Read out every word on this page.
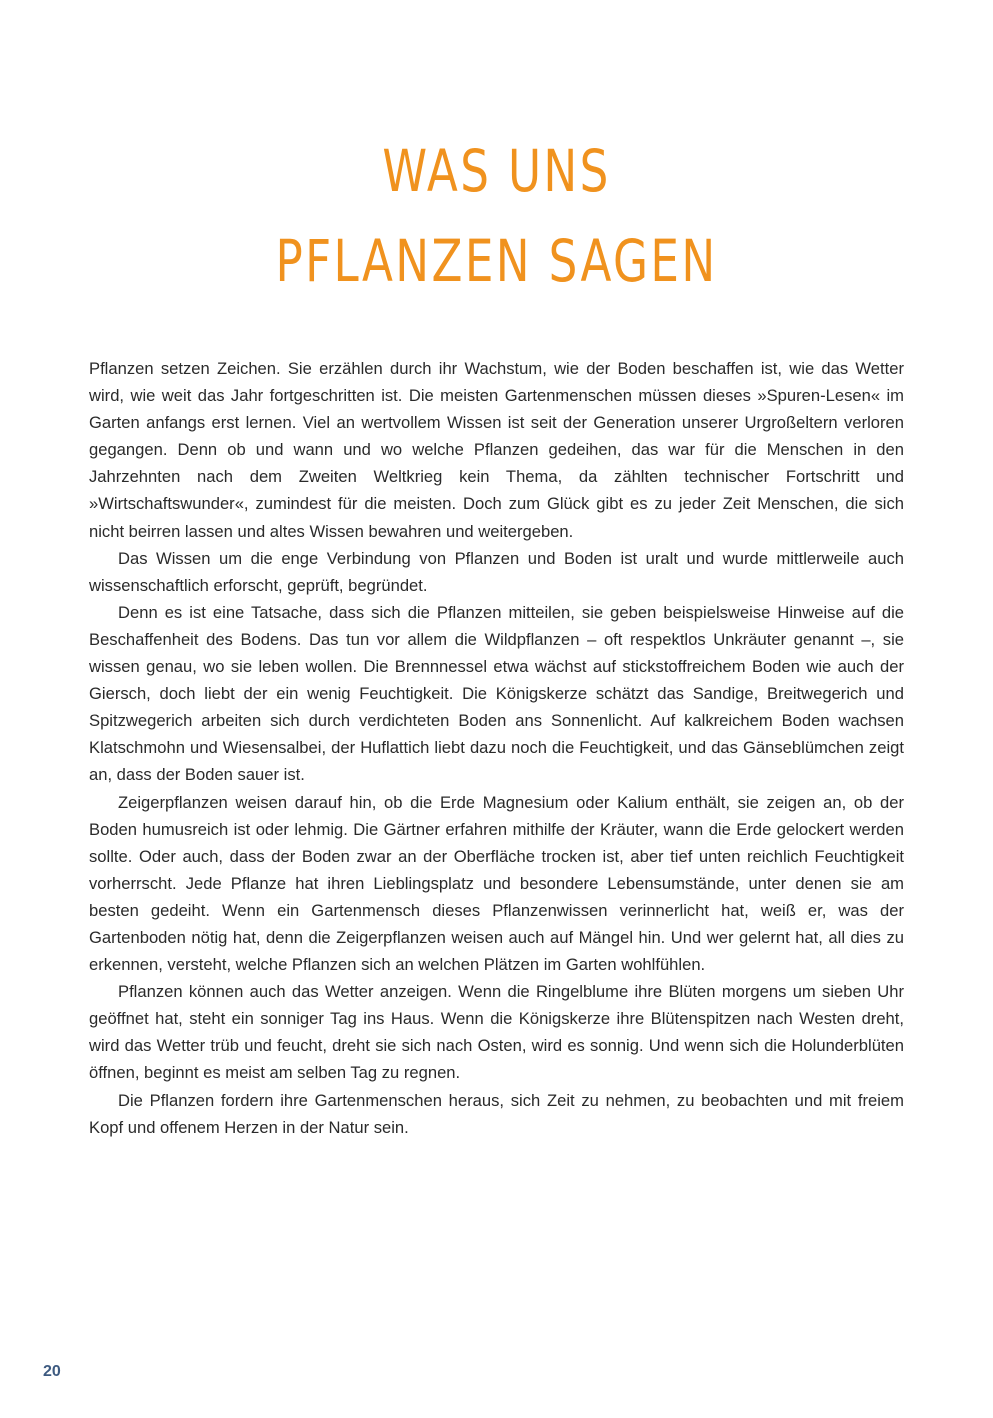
WAS UNS
PFLANZEN SAGEN

Pflanzen setzen Zeichen. Sie erzählen durch ihr Wachstum, wie der Boden beschaffen ist, wie das Wetter wird, wie weit das Jahr fortgeschritten ist. Die meisten Gartenmenschen müssen dieses »Spuren-Lesen« im Garten anfangs erst lernen. Viel an wertvollem Wissen ist seit der Generation unserer Urgroßeltern verloren gegangen. Denn ob und wann und wo welche Pflanzen gedeihen, das war für die Menschen in den Jahrzehnten nach dem Zweiten Weltkrieg kein Thema, da zählten technischer Fortschritt und »Wirtschaftswunder«, zumindest für die meisten. Doch zum Glück gibt es zu jeder Zeit Menschen, die sich nicht beirren lassen und altes Wissen bewahren und weitergeben.

Das Wissen um die enge Verbindung von Pflanzen und Boden ist uralt und wurde mittlerweile auch wissenschaftlich erforscht, geprüft, begründet.

Denn es ist eine Tatsache, dass sich die Pflanzen mitteilen, sie geben beispielsweise Hinweise auf die Beschaffenheit des Bodens. Das tun vor allem die Wildpflanzen – oft respektlos Unkräuter genannt –, sie wissen genau, wo sie leben wollen. Die Brennnessel etwa wächst auf stickstoffreichem Boden wie auch der Giersch, doch liebt der ein wenig Feuchtigkeit. Die Königskerze schätzt das Sandige, Breitwegerich und Spitzwegerich arbeiten sich durch verdichteten Boden ans Sonnenlicht. Auf kalkreichem Boden wachsen Klatschmohn und Wiesensalbei, der Huflattich liebt dazu noch die Feuchtigkeit, und das Gänseblümchen zeigt an, dass der Boden sauer ist.

Zeigerpflanzen weisen darauf hin, ob die Erde Magnesium oder Kalium enthält, sie zeigen an, ob der Boden humusreich ist oder lehmig. Die Gärtner erfahren mithilfe der Kräuter, wann die Erde gelockert werden sollte. Oder auch, dass der Boden zwar an der Oberfläche trocken ist, aber tief unten reichlich Feuchtigkeit vorherrscht. Jede Pflanze hat ihren Lieblingsplatz und besondere Lebensumstände, unter denen sie am besten gedeiht. Wenn ein Gartenmensch dieses Pflanzenwissen verinnerlicht hat, weiß er, was der Gartenboden nötig hat, denn die Zeigerpflanzen weisen auch auf Mängel hin. Und wer gelernt hat, all dies zu erkennen, versteht, welche Pflanzen sich an welchen Plätzen im Garten wohlfühlen.

Pflanzen können auch das Wetter anzeigen. Wenn die Ringelblume ihre Blüten morgens um sieben Uhr geöffnet hat, steht ein sonniger Tag ins Haus. Wenn die Königskerze ihre Blütenspitzen nach Westen dreht, wird das Wetter trüb und feucht, dreht sie sich nach Osten, wird es sonnig. Und wenn sich die Holunderblüten öffnen, beginnt es meist am selben Tag zu regnen.

Die Pflanzen fordern ihre Gartenmenschen heraus, sich Zeit zu nehmen, zu beobachten und mit freiem Kopf und offenem Herzen in der Natur sein.

20
